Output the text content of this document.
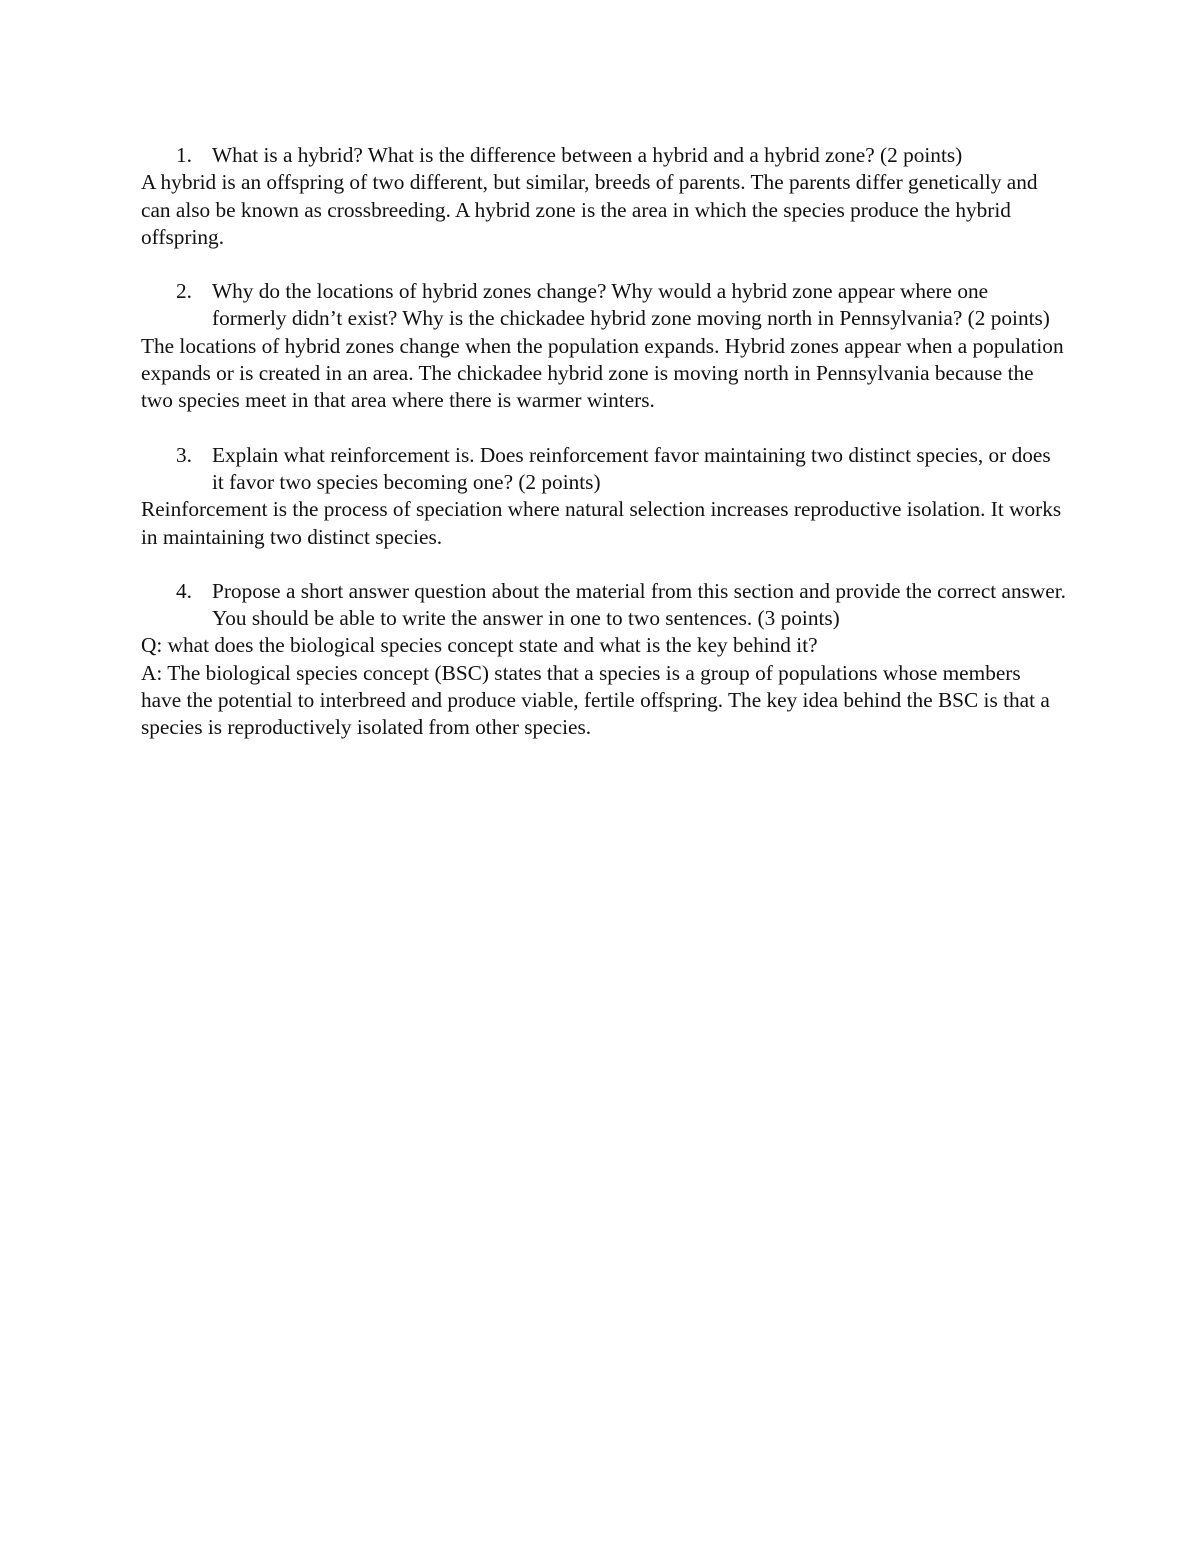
1. What is a hybrid? What is the difference between a hybrid and a hybrid zone? (2 points)

A hybrid is an offspring of two different, but similar, breeds of parents. The parents differ genetically and can also be known as crossbreeding. A hybrid zone is the area in which the species produce the hybrid offspring.

2. Why do the locations of hybrid zones change? Why would a hybrid zone appear where one formerly didn’t exist? Why is the chickadee hybrid zone moving north in Pennsylvania? (2 points)

The locations of hybrid zones change when the population expands. Hybrid zones appear when a population expands or is created in an area. The chickadee hybrid zone is moving north in Pennsylvania because the two species meet in that area where there is warmer winters.

3. Explain what reinforcement is. Does reinforcement favor maintaining two distinct species, or does it favor two species becoming one? (2 points)

Reinforcement is the process of speciation where natural selection increases reproductive isolation. It works in maintaining two distinct species.

4. Propose a short answer question about the material from this section and provide the correct answer. You should be able to write the answer in one to two sentences. (3 points)

Q: what does the biological species concept state and what is the key behind it?

A: The biological species concept (BSC) states that a species is a group of populations whose members have the potential to interbreed and produce viable, fertile offspring. The key idea behind the BSC is that a species is reproductively isolated from other species.
